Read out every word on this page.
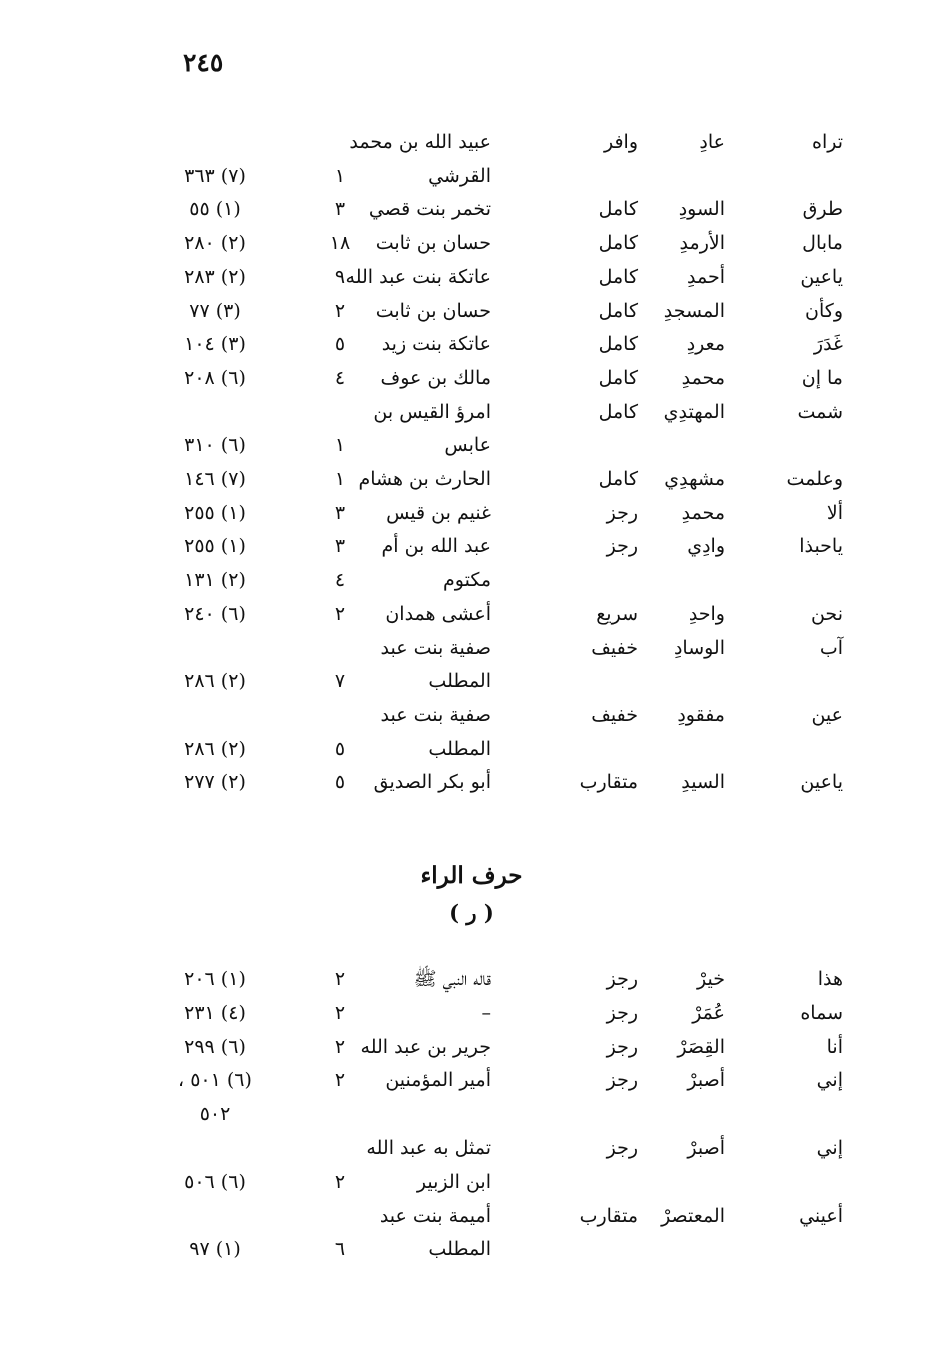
٢٤٥
تراه
عادِ
وافر
عبيد الله بن محمد
القرشي
١
(٧) ٣٦٣
طرق
السودِ
كامل
تخمر بنت قصي
٣
(١) ٥٥
مابال
الأرمدِ
كامل
حسان بن ثابت
١٨
(٢) ٢٨٠
ياعين
أحمدِ
كامل
عاتكة بنت عبد الله
٩
(٢) ٢٨٣
وكأن
المسجدِ
كامل
حسان بن ثابت
٢
(٣) ٧٧
غَدَرَ
معردِ
كامل
عاتكة بنت زيد
٥
(٣) ١٠٤
ما إن
محمدِ
كامل
مالك بن عوف
٤
(٦) ٢٠٨
شمت
المهتدِي
كامل
امرؤ القيس بن
عابس
١
(٦) ٣١٠
وعلمت
مشهدِي
كامل
الحارث بن هشام
١
(٧) ١٤٦
ألا
محمدِ
رجز
غنيم بن قيس
٣
(١) ٢٥٥
ياحبذا
وادِي
رجز
عبد الله بن أم
٣
(١) ٢٥٥
مكتوم
٤
(٢) ١٣١
نحن
واحدِ
سريع
أعشى همدان
٢
(٦) ٢٤٠
آب
الوسادِ
خفيف
صفية بنت عبد
المطلب
٧
(٢) ٢٨٦
عين
مفقودِ
خفيف
صفية بنت عبد
المطلب
٥
(٢) ٢٨٦
ياعين
السيدِ
متقارب
أبو بكر الصديق
٥
(٢) ٢٧٧
حرف الراء
( ر )
هذا
خيرْ
رجز
قاله النبي ﷺ
٢
(١) ٢٠٦
سماه
عُمَرْ
رجز
–
٢
(٤) ٢٣١
أنا
القِصَرْ
رجز
جرير بن عبد الله
٢
(٦) ٢٩٩
إني
أصبرْ
رجز
أمير المؤمنين
٢
(٦) ٥٠١ ،
٥٠٢
إني
أصبرْ
رجز
تمثل به عبد الله
ابن الزبير
٢
(٦) ٥٠٦
أعيني
المعتصرْ
متقارب
أميمة بنت عبد
المطلب
٦
(١) ٩٧
